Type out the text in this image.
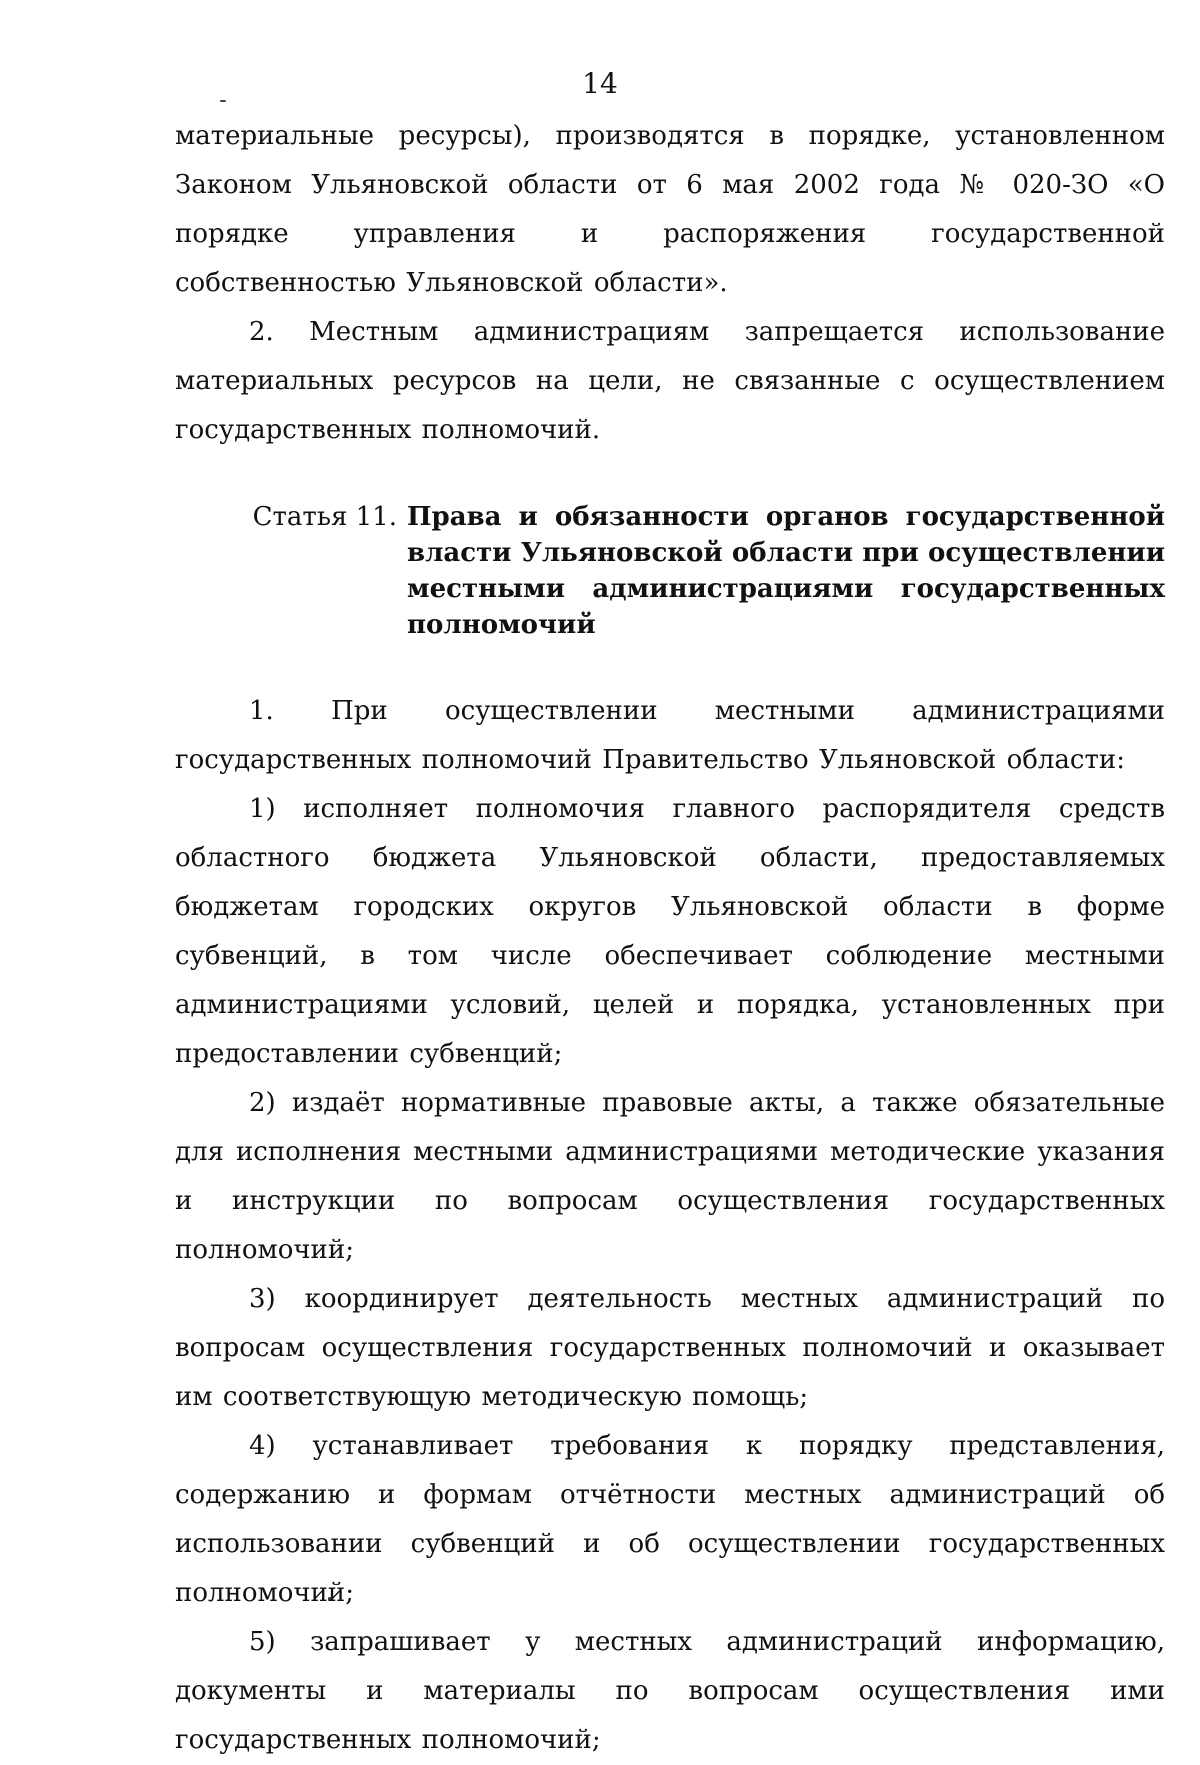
14

материальные ресурсы), производятся в порядке, установленном Законом Ульяновской области от 6 мая 2002 года № 020-ЗО «О порядке управления и распоряжения государственной собственностью Ульяновской области».

2. Местным администрациям запрещается использование материальных ресурсов на цели, не связанные с осуществлением государственных полномочий.

Статья 11. Права и обязанности органов государственной власти Ульяновской области при осуществлении местными администрациями государственных полномочий

1. При осуществлении местными администрациями государственных полномочий Правительство Ульяновской области:

1) исполняет полномочия главного распорядителя средств областного бюджета Ульяновской области, предоставляемых бюджетам городских округов Ульяновской области в форме субвенций, в том числе обеспечивает соблюдение местными администрациями условий, целей и порядка, установленных при предоставлении субвенций;

2) издаёт нормативные правовые акты, а также обязательные для исполнения местными администрациями методические указания и инструкции по вопросам осуществления государственных полномочий;

3) координирует деятельность местных администраций по вопросам осуществления государственных полномочий и оказывает им соответствующую методическую помощь;

4) устанавливает требования к порядку представления, содержанию и формам отчётности местных администраций об использовании субвенций и об осуществлении государственных полномочий;

5) запрашивает у местных администраций информацию, документы и материалы по вопросам осуществления ими государственных полномочий;
